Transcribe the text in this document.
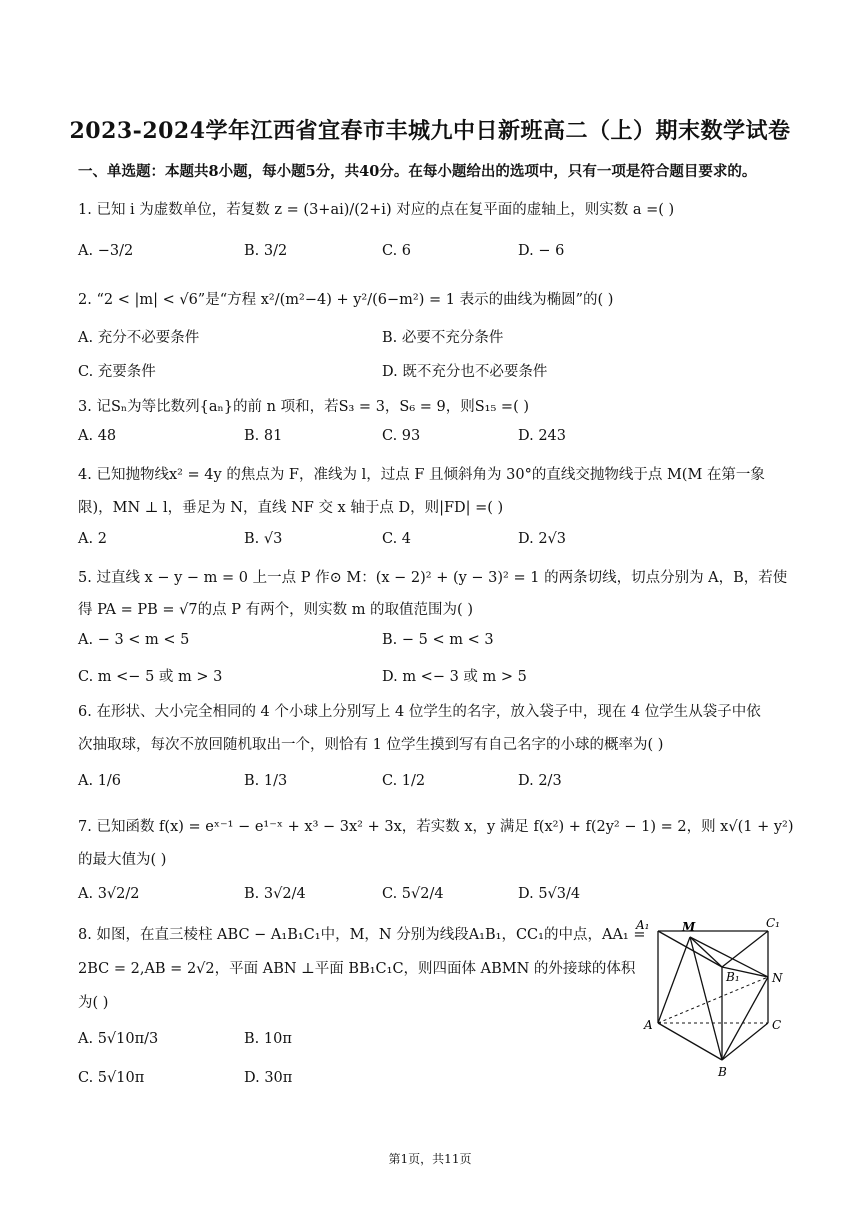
2023-2024学年江西省宜春市丰城九中日新班高二（上）期末数学试卷
一、单选题：本题共8小题，每小题5分，共40分。在每小题给出的选项中，只有一项是符合题目要求的。
1. 已知 i 为虚数单位，若复数 z = (3+ai)/(2+i) 对应的点在复平面的虚轴上，则实数 a =( )
A. −3/2	B. 3/2	C. 6	D. − 6
2. “2 < |m| < √6”是“方程 x²/(m²−4) + y²/(6−m²) = 1 表示的曲线为椭圆”的( )
A. 充分不必要条件	B. 必要不充分条件
C. 充要条件	D. 既不充分也不必要条件
3. 记Sₙ为等比数列{aₙ}的前 n 项和，若S₃ = 3，S₆ = 9，则S₁₅ =( )
A. 48	B. 81	C. 93	D. 243
4. 已知抛物线x² = 4y 的焦点为 F，准线为 l，过点 F 且倾斜角为 30°的直线交抛物线于点 M(M 在第一象
限)，MN ⊥ l，垂足为 N，直线 NF 交 x 轴于点 D，则|FD| =( )
A. 2	B. √3	C. 4	D. 2√3
5. 过直线 x − y − m = 0 上一点 P 作⊙ M：(x − 2)² + (y − 3)² = 1 的两条切线，切点分别为 A，B，若使
得 PA = PB = √7的点 P 有两个，则实数 m 的取值范围为( )
A. − 3 < m < 5	B. − 5 < m < 3
C. m <− 5 或 m > 3	D. m <− 3 或 m > 5
6. 在形状、大小完全相同的 4 个小球上分别写上 4 位学生的名字，放入袋子中，现在 4 位学生从袋子中依
次抽取球，每次不放回随机取出一个，则恰有 1 位学生摸到写有自己名字的小球的概率为( )
A. 1/6	B. 1/3	C. 1/2	D. 2/3
7. 已知函数 f(x) = eˣ⁻¹ − e¹⁻ˣ + x³ − 3x² + 3x，若实数 x，y 满足 f(x²) + f(2y² − 1) = 2，则 x√(1 + y²)
的最大值为( )
A. 3√2/2	B. 3√2/4	C. 5√2/4	D. 5√3/4
8. 如图，在直三棱柱 ABC − A₁B₁C₁中，M，N 分别为线段A₁B₁，CC₁的中点，AA₁ =
2BC = 2,AB = 2√2，平面 ABN ⊥平面 BB₁C₁C，则四面体 ABMN 的外接球的体积
为( )
A. 5√10π/3	B. 10π
C. 5√10π	D. 30π
A₁	C₁
M
B₁	N
A	C
B
第1页，共11页
